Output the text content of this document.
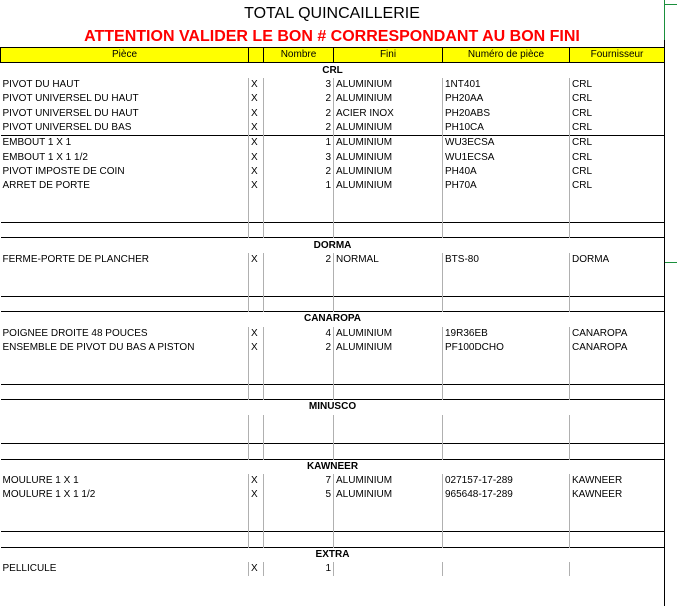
TOTAL QUINCAILLERIE
ATTENTION VALIDER LE BON # CORRESPONDANT AU BON FINI
Pièce		Nombre	Fini	Numéro de pièce	Fournisseur
CRL					
PIVOT DU HAUT	X	3	ALUMINIUM	1NT401	CRL
PIVOT UNIVERSEL DU HAUT	X	2	ALUMINIUM	PH20AA	CRL
PIVOT UNIVERSEL DU HAUT	X	2	ACIER INOX	PH20ABS	CRL
PIVOT UNIVERSEL DU BAS	X	2	ALUMINIUM	PH10CA	CRL
EMBOUT 1 X 1	X	1	ALUMINIUM	WU3ECSA	CRL
EMBOUT 1 X 1 1/2	X	3	ALUMINIUM	WU1ECSA	CRL
PIVOT IMPOSTE DE COIN	X	2	ALUMINIUM	PH40A	CRL
ARRET DE PORTE	X	1	ALUMINIUM	PH70A	CRL

DORMA					
FERME-PORTE DE PLANCHER	X	2	NORMAL	BTS-80	DORMA

CANAROPA					
POIGNEE DROITE 48 POUCES	X	4	ALUMINIUM	19R36EB	CANAROPA
ENSEMBLE DE PIVOT DU BAS A PISTON	X	2	ALUMINIUM	PF100DCHO	CANAROPA

MINUSCO					

KAWNEER					
MOULURE 1 X 1	X	7	ALUMINIUM	027157-17-289	KAWNEER
MOULURE 1 X 1 1/2	X	5	ALUMINIUM	965648-17-289	KAWNEER

EXTRA					
PELLICULE	X	1			
